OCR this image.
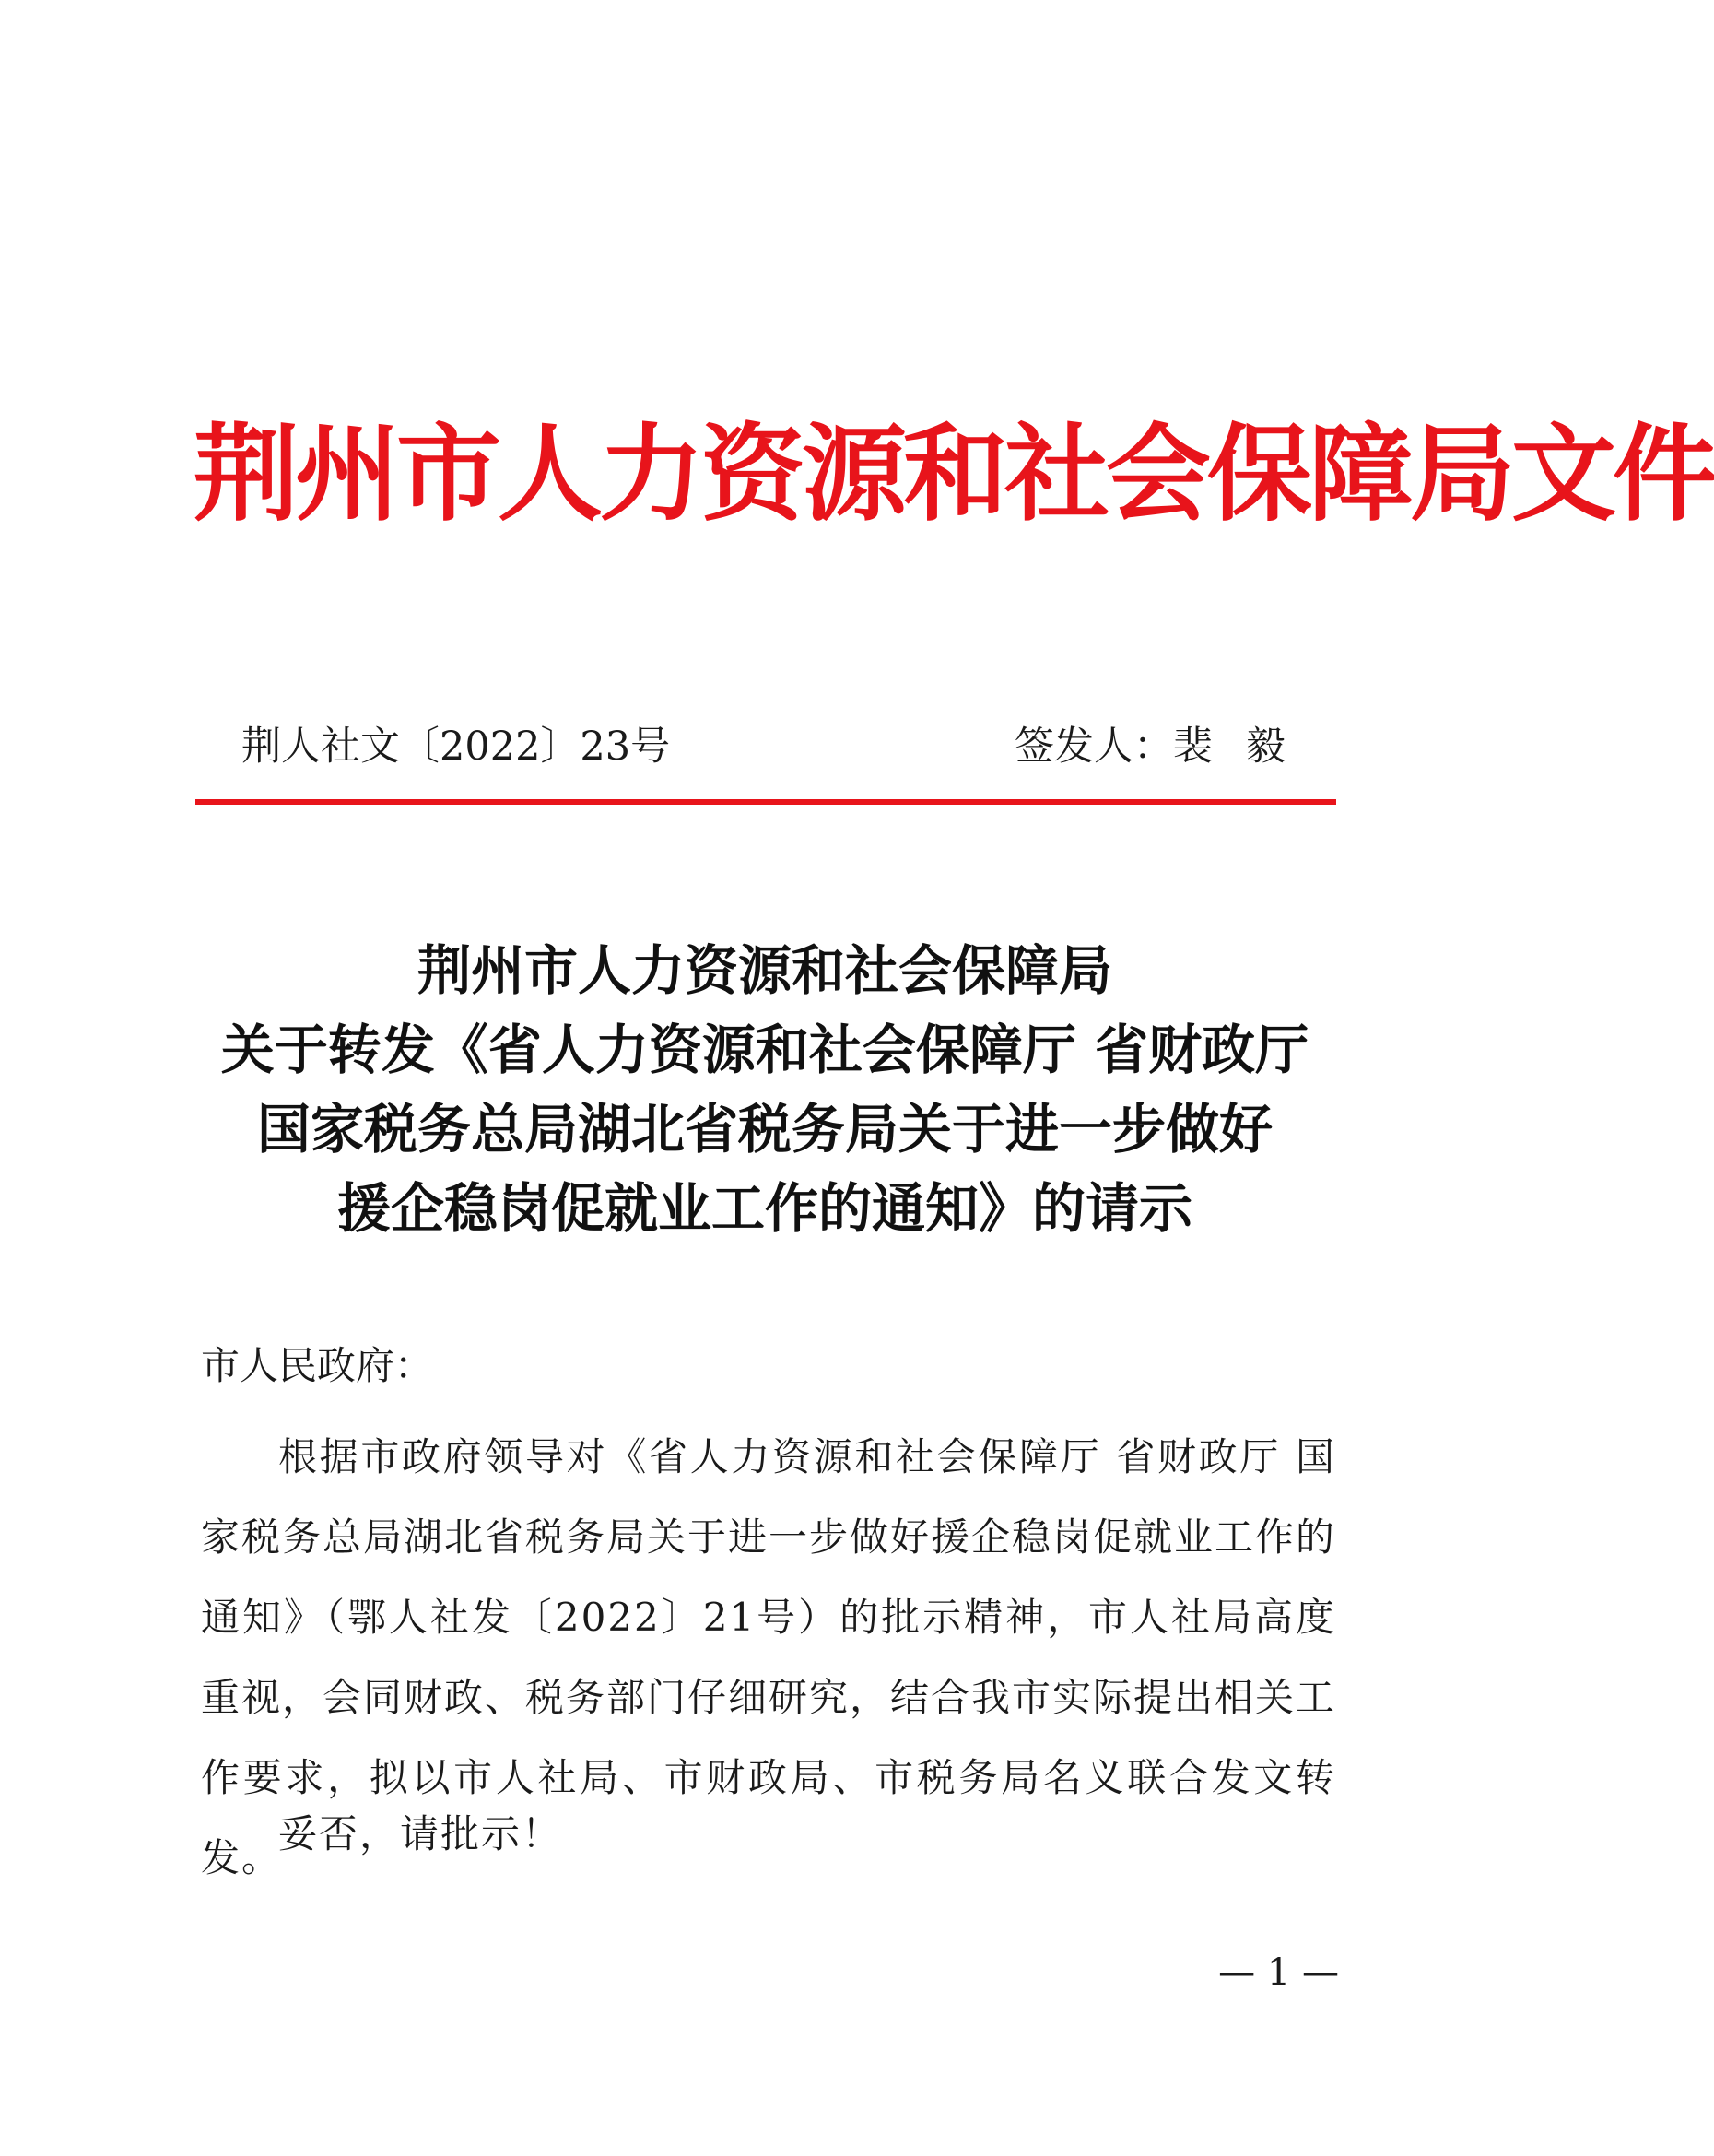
荆州市人力资源和社会保障局文件
荆人社文〔2022〕23号	签发人：裴毅
荆州市人力资源和社会保障局
关于转发《省人力资源和社会保障厅 省财政厅
国家税务总局湖北省税务局关于进一步做好
援企稳岗促就业工作的通知》的请示
市人民政府：

根据市政府领导对《省人力资源和社会保障厅 省财政厅 国家税务总局湖北省税务局关于进一步做好援企稳岗促就业工作的通知》（鄂人社发〔2022〕21号）的批示精神，市人社局高度重视，会同财政、税务部门仔细研究，结合我市实际提出相关工作要求，拟以市人社局、市财政局、市税务局名义联合发文转发。

妥否，请批示！
— 1 —
